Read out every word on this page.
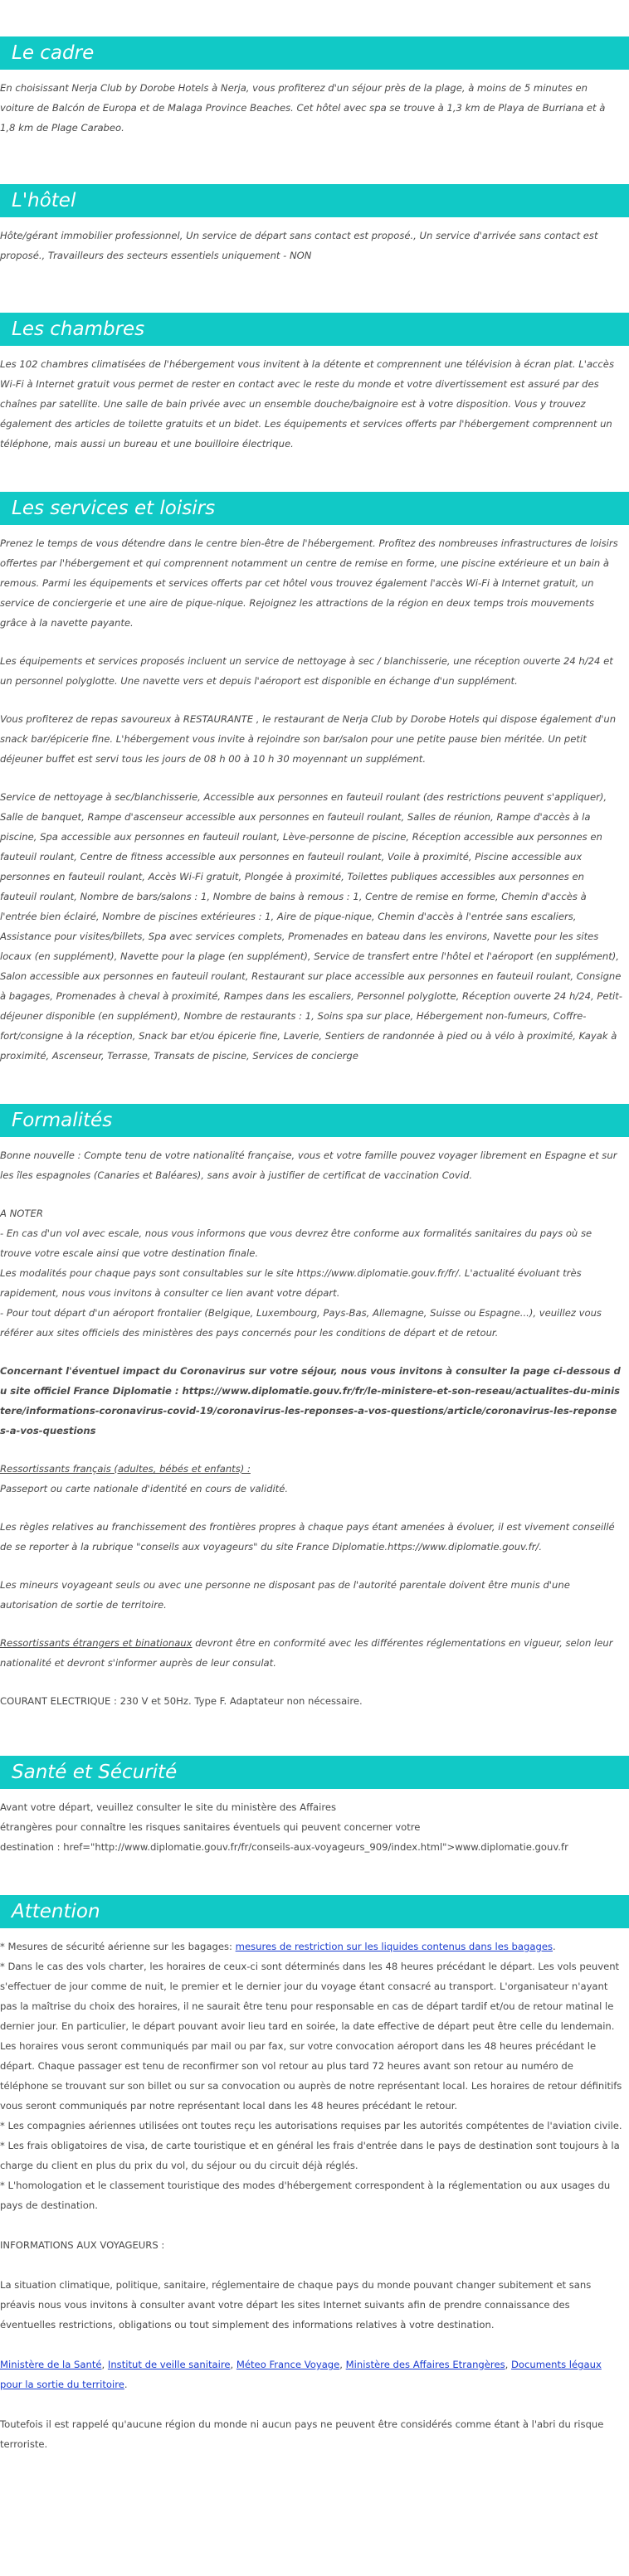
Le cadre

En choisissant Nerja Club by Dorobe Hotels à Nerja, vous profiterez d'un séjour près de la plage, à moins de 5 minutes en voiture de Balcón de Europa et de Malaga Province Beaches. Cet hôtel avec spa se trouve à 1,3 km de Playa de Burriana et à 1,8 km de Plage Carabeo.

L'hôtel

Hôte/gérant immobilier professionnel, Un service de départ sans contact est proposé., Un service d'arrivée sans contact est proposé., Travailleurs des secteurs essentiels uniquement - NON

Les chambres

Les 102 chambres climatisées de l'hébergement vous invitent à la détente et comprennent une télévision à écran plat. L'accès Wi-Fi à Internet gratuit vous permet de rester en contact avec le reste du monde et votre divertissement est assuré par des chaînes par satellite. Une salle de bain privée avec un ensemble douche/baignoire est à votre disposition. Vous y trouvez également des articles de toilette gratuits et un bidet. Les équipements et services offerts par l'hébergement comprennent un téléphone, mais aussi un bureau et une bouilloire électrique.

Les services et loisirs

Prenez le temps de vous détendre dans le centre bien-être de l'hébergement. Profitez des nombreuses infrastructures de loisirs offertes par l'hébergement et qui comprennent notamment un centre de remise en forme, une piscine extérieure et un bain à remous. Parmi les équipements et services offerts par cet hôtel vous trouvez également l'accès Wi-Fi à Internet gratuit, un service de conciergerie et une aire de pique-nique. Rejoignez les attractions de la région en deux temps trois mouvements grâce à la navette payante.

Les équipements et services proposés incluent un service de nettoyage à sec / blanchisserie, une réception ouverte 24 h/24 et un personnel polyglotte. Une navette vers et depuis l'aéroport est disponible en échange d'un supplément.

Vous profiterez de repas savoureux à RESTAURANTE , le restaurant de Nerja Club by Dorobe Hotels qui dispose également d'un snack bar/épicerie fine. L'hébergement vous invite à rejoindre son bar/salon pour une petite pause bien méritée. Un petit déjeuner buffet est servi tous les jours de 08 h 00 à 10 h 30 moyennant un supplément.

Service de nettoyage à sec/blanchisserie, Accessible aux personnes en fauteuil roulant (des restrictions peuvent s'appliquer), Salle de banquet, Rampe d'ascenseur accessible aux personnes en fauteuil roulant, Salles de réunion, Rampe d'accès à la piscine, Spa accessible aux personnes en fauteuil roulant, Lève-personne de piscine, Réception accessible aux personnes en fauteuil roulant, Centre de fitness accessible aux personnes en fauteuil roulant, Voile à proximité, Piscine accessible aux personnes en fauteuil roulant, Accès Wi-Fi gratuit, Plongée à proximité, Toilettes publiques accessibles aux personnes en fauteuil roulant, Nombre de bars/salons : 1, Nombre de bains à remous : 1, Centre de remise en forme, Chemin d'accès à l'entrée bien éclairé, Nombre de piscines extérieures : 1, Aire de pique-nique, Chemin d'accès à l'entrée sans escaliers, Assistance pour visites/billets, Spa avec services complets, Promenades en bateau dans les environs, Navette pour les sites locaux (en supplément), Navette pour la plage (en supplément), Service de transfert entre l'hôtel et l'aéroport (en supplément), Salon accessible aux personnes en fauteuil roulant, Restaurant sur place accessible aux personnes en fauteuil roulant, Consigne à bagages, Promenades à cheval à proximité, Rampes dans les escaliers, Personnel polyglotte, Réception ouverte 24 h/24, Petit-déjeuner disponible (en supplément), Nombre de restaurants : 1, Soins spa sur place, Hébergement non-fumeurs, Coffre-fort/consigne à la réception, Snack bar et/ou épicerie fine, Laverie, Sentiers de randonnée à pied ou à vélo à proximité, Kayak à proximité, Ascenseur, Terrasse, Transats de piscine, Services de concierge

Formalités

Bonne nouvelle : Compte tenu de votre nationalité française, vous et votre famille pouvez voyager librement en Espagne et sur les îles espagnoles (Canaries et Baléares), sans avoir à justifier de certificat de vaccination Covid.

A NOTER
- En cas d'un vol avec escale, nous vous informons que vous devrez être conforme aux formalités sanitaires du pays où se trouve votre escale ainsi que votre destination finale.
Les modalités pour chaque pays sont consultables sur le site https://www.diplomatie.gouv.fr/fr/. L'actualité évoluant très rapidement, nous vous invitons à consulter ce lien avant votre départ.
- Pour tout départ d'un aéroport frontalier (Belgique, Luxembourg, Pays-Bas, Allemagne, Suisse ou Espagne...), veuillez vous référer aux sites officiels des ministères des pays concernés pour les conditions de départ et de retour.

Concernant l'éventuel impact du Coronavirus sur votre séjour, nous vous invitons à consulter la page ci-dessous du site officiel France Diplomatie : https://www.diplomatie.gouv.fr/fr/le-ministere-et-son-reseau/actualites-du-ministere/informations-coronavirus-covid-19/coronavirus-les-reponses-a-vos-questions/article/coronavirus-les-reponses-a-vos-questions

Ressortissants français (adultes, bébés et enfants) :
Passeport ou carte nationale d'identité en cours de validité.

Les règles relatives au franchissement des frontières propres à chaque pays étant amenées à évoluer, il est vivement conseillé de se reporter à la rubrique "conseils aux voyageurs" du site France Diplomatie.https://www.diplomatie.gouv.fr/.

Les mineurs voyageant seuls ou avec une personne ne disposant pas de l'autorité parentale doivent être munis d'une autorisation de sortie de territoire.

Ressortissants étrangers et binationaux devront être en conformité avec les différentes réglementations en vigueur, selon leur nationalité et devront s'informer auprès de leur consulat.

COURANT ELECTRIQUE : 230 V et 50Hz. Type F. Adaptateur non nécessaire.

Santé et Sécurité
Avant votre départ, veuillez consulter le site du ministère des Affaires
étrangères pour connaître les risques sanitaires éventuels qui peuvent concerner votre
destination : href="http://www.diplomatie.gouv.fr/fr/conseils-aux-voyageurs_909/index.html">www.diplomatie.gouv.fr
Attention
* Mesures de sécurité aérienne sur les bagages: mesures de restriction sur les liquides contenus dans les bagages.
* Dans le cas des vols charter, les horaires de ceux-ci sont déterminés dans les 48 heures précédant le départ. Les vols peuvent s'effectuer de jour comme de nuit, le premier et le dernier jour du voyage étant consacré au transport. L'organisateur n'ayant pas la maîtrise du choix des horaires, il ne saurait être tenu pour responsable en cas de départ tardif et/ou de retour matinal le dernier jour. En particulier, le départ pouvant avoir lieu tard en soirée, la date effective de départ peut être celle du lendemain. Les horaires vous seront communiqués par mail ou par fax, sur votre convocation aéroport dans les 48 heures précédant le départ. Chaque passager est tenu de reconfirmer son vol retour au plus tard 72 heures avant son retour au numéro de téléphone se trouvant sur son billet ou sur sa convocation ou auprès de notre représentant local. Les horaires de retour définitifs vous seront communiqués par notre représentant local dans les 48 heures précédant le retour.
* Les compagnies aériennes utilisées ont toutes reçu les autorisations requises par les autorités compétentes de l'aviation civile.
* Les frais obligatoires de visa, de carte touristique et en général les frais d'entrée dans le pays de destination sont toujours à la charge du client en plus du prix du vol, du séjour ou du circuit déjà réglés.
* L'homologation et le classement touristique des modes d'hébergement correspondent à la réglementation ou aux usages du pays de destination.
INFORMATIONS AUX VOYAGEURS :
La situation climatique, politique, sanitaire, réglementaire de chaque pays du monde pouvant changer subitement et sans préavis nous vous invitons à consulter avant votre départ les sites Internet suivants afin de prendre connaissance des éventuelles restrictions, obligations ou tout simplement des informations relatives à votre destination.
Ministère de la Santé, Institut de veille sanitaire, Méteo France Voyage, Ministère des Affaires Etrangères, Documents légaux pour la sortie du territoire.
Toutefois il est rappelé qu'aucune région du monde ni aucun pays ne peuvent être considérés comme étant à l'abri du risque terroriste.
